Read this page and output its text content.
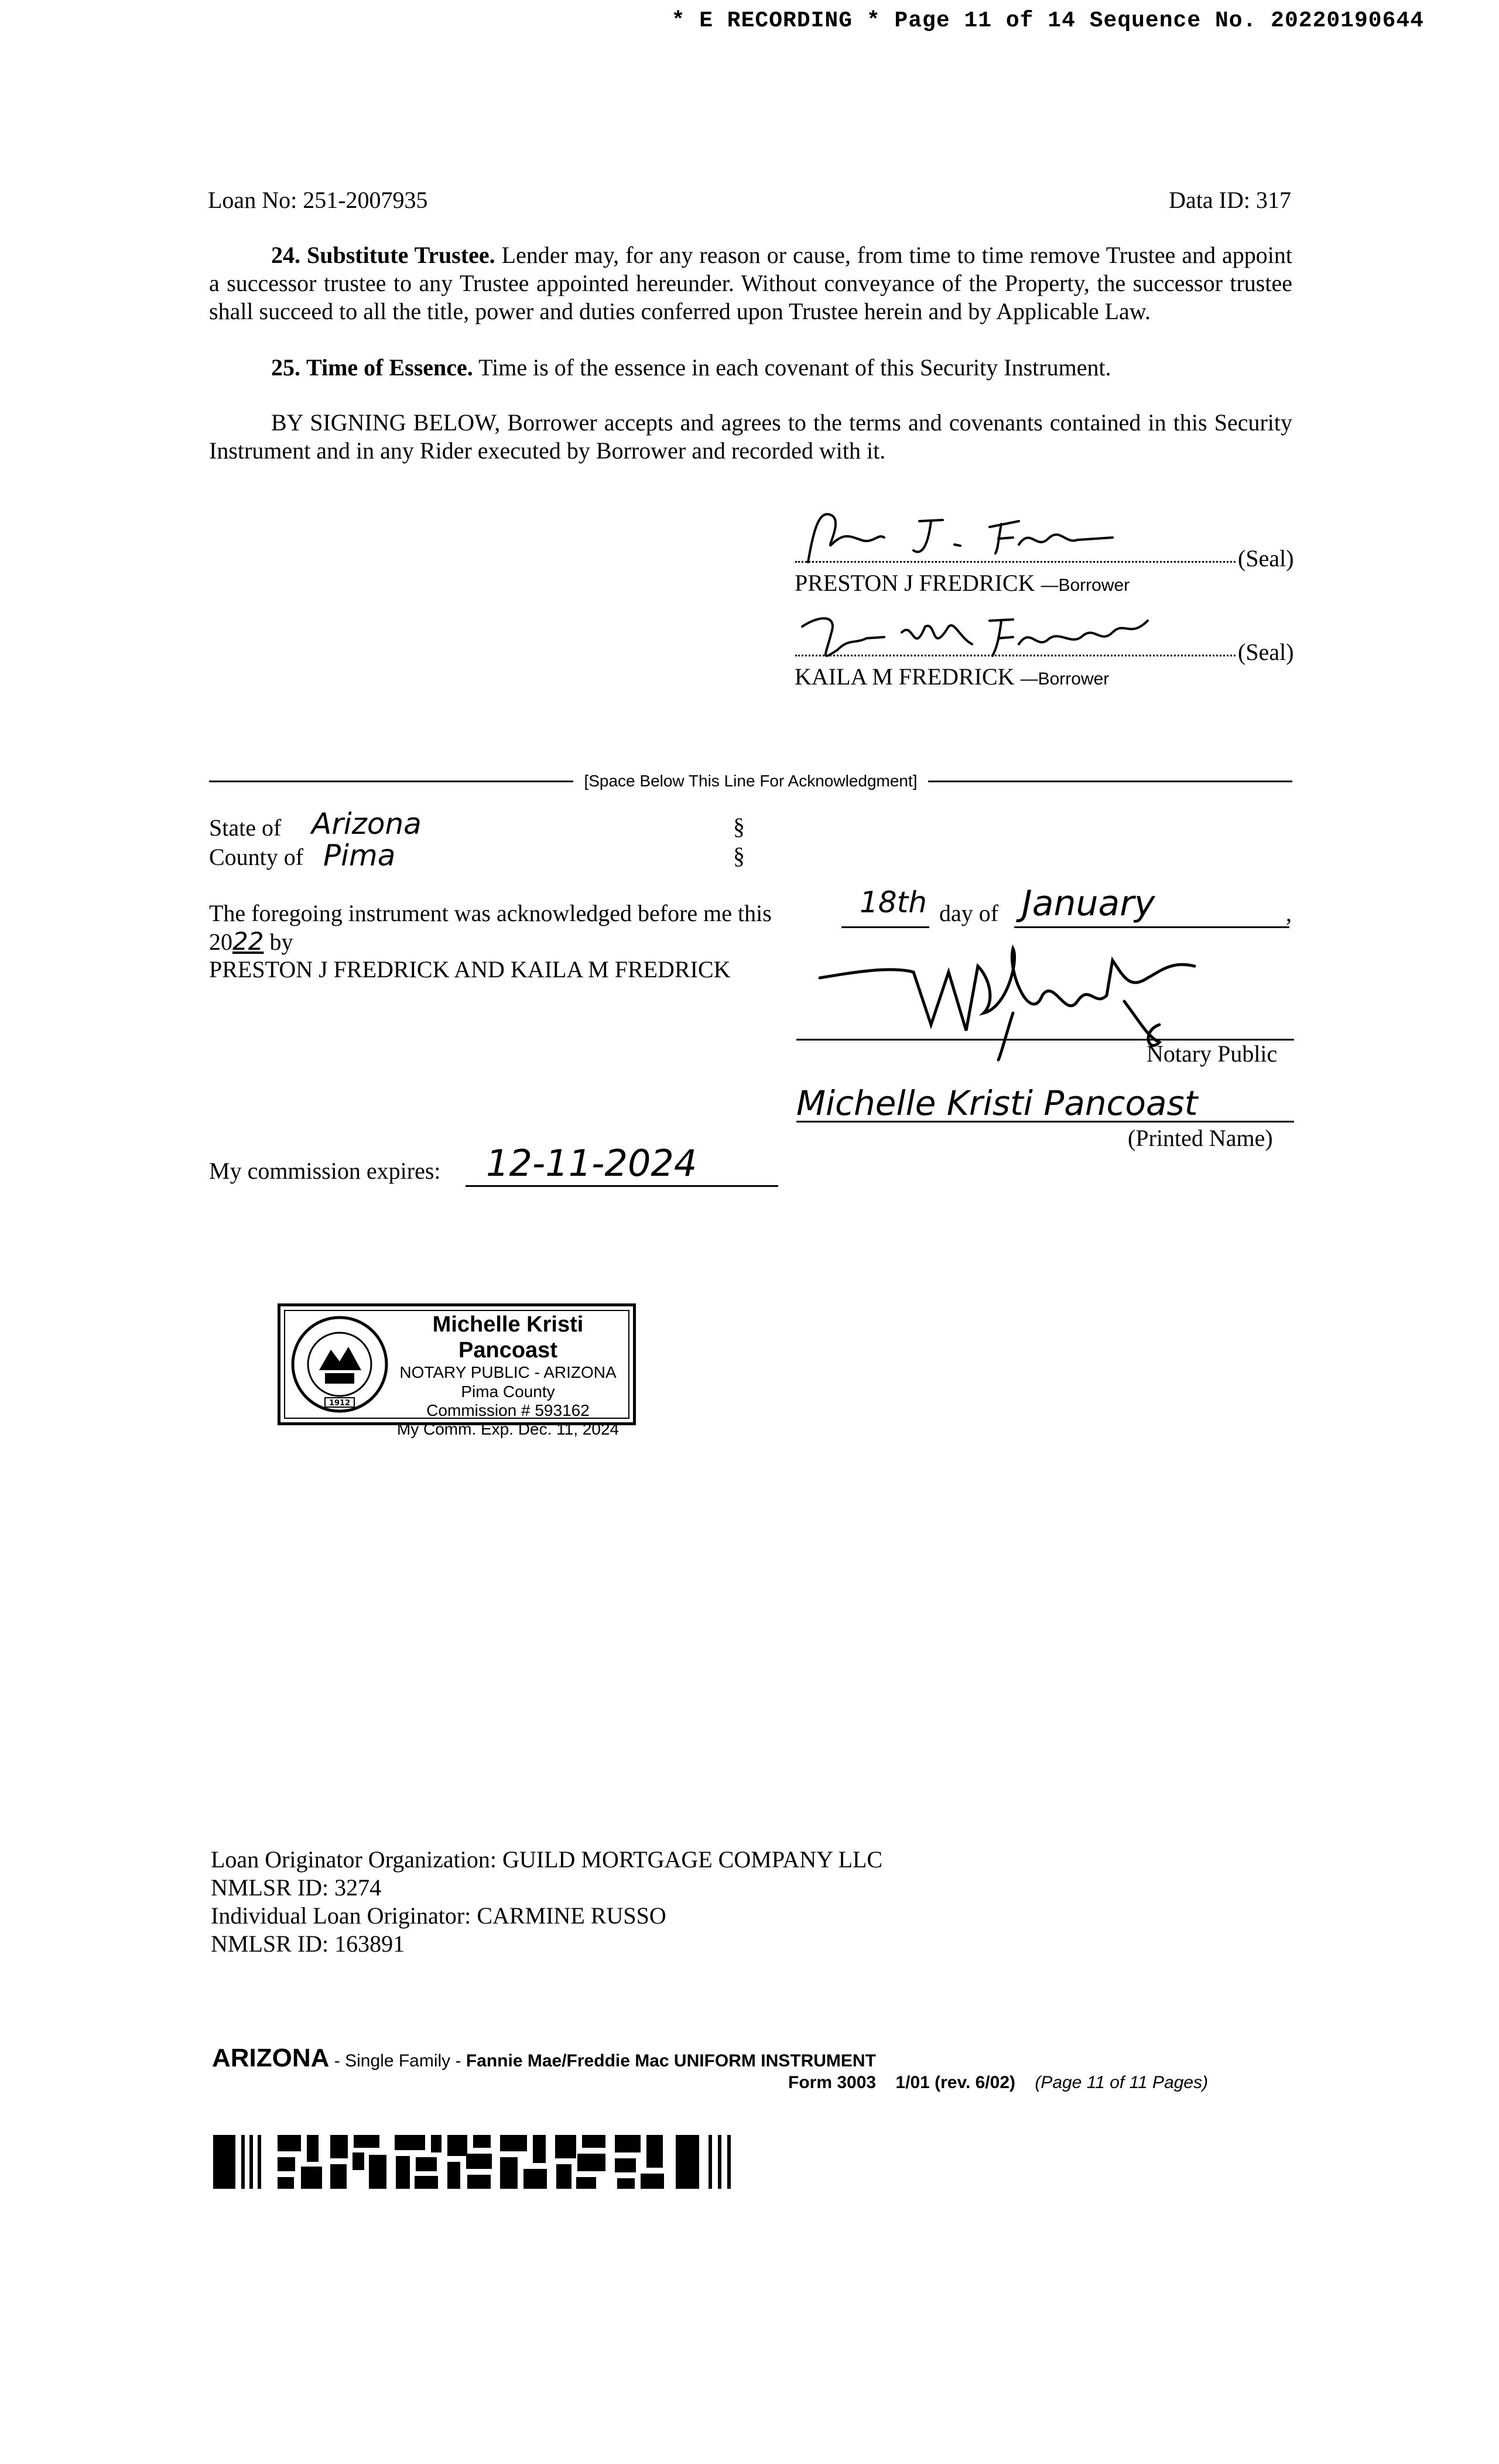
* E RECORDING * Page 11 of 14 Sequence No. 20220190644
Loan No: 251-2007935	Data ID: 317
24. Substitute Trustee. Lender may, for any reason or cause, from time to time remove Trustee and appoint a successor trustee to any Trustee appointed hereunder. Without conveyance of the Property, the successor trustee shall succeed to all the title, power and duties conferred upon Trustee herein and by Applicable Law.
25. Time of Essence. Time is of the essence in each covenant of this Security Instrument.
BY SIGNING BELOW, Borrower accepts and agrees to the terms and covenants contained in this Security Instrument and in any Rider executed by Borrower and recorded with it.
(Seal)
PRESTON J FREDRICK —Borrower
(Seal)
KAILA M FREDRICK —Borrower
[Space Below This Line For Acknowledgment]
State of Arizona	§
County of Pima	§
The foregoing instrument was acknowledged before me this	18th day of January	,
2022 by
PRESTON J FREDRICK AND KAILA M FREDRICK
Notary Public
Michelle Kristi Pancoast
(Printed Name)
My commission expires: 12-11-2024
1912
Michelle Kristi Pancoast
NOTARY PUBLIC - ARIZONA
Pima County
Commission # 593162
My Comm. Exp. Dec. 11, 2024
Loan Originator Organization: GUILD MORTGAGE COMPANY LLC
NMLSR ID: 3274
Individual Loan Originator: CARMINE RUSSO
NMLSR ID: 163891
ARIZONA - Single Family - Fannie Mae/Freddie Mac UNIFORM INSTRUMENT
Form 3003 1/01 (rev. 6/02) (Page 11 of 11 Pages)
